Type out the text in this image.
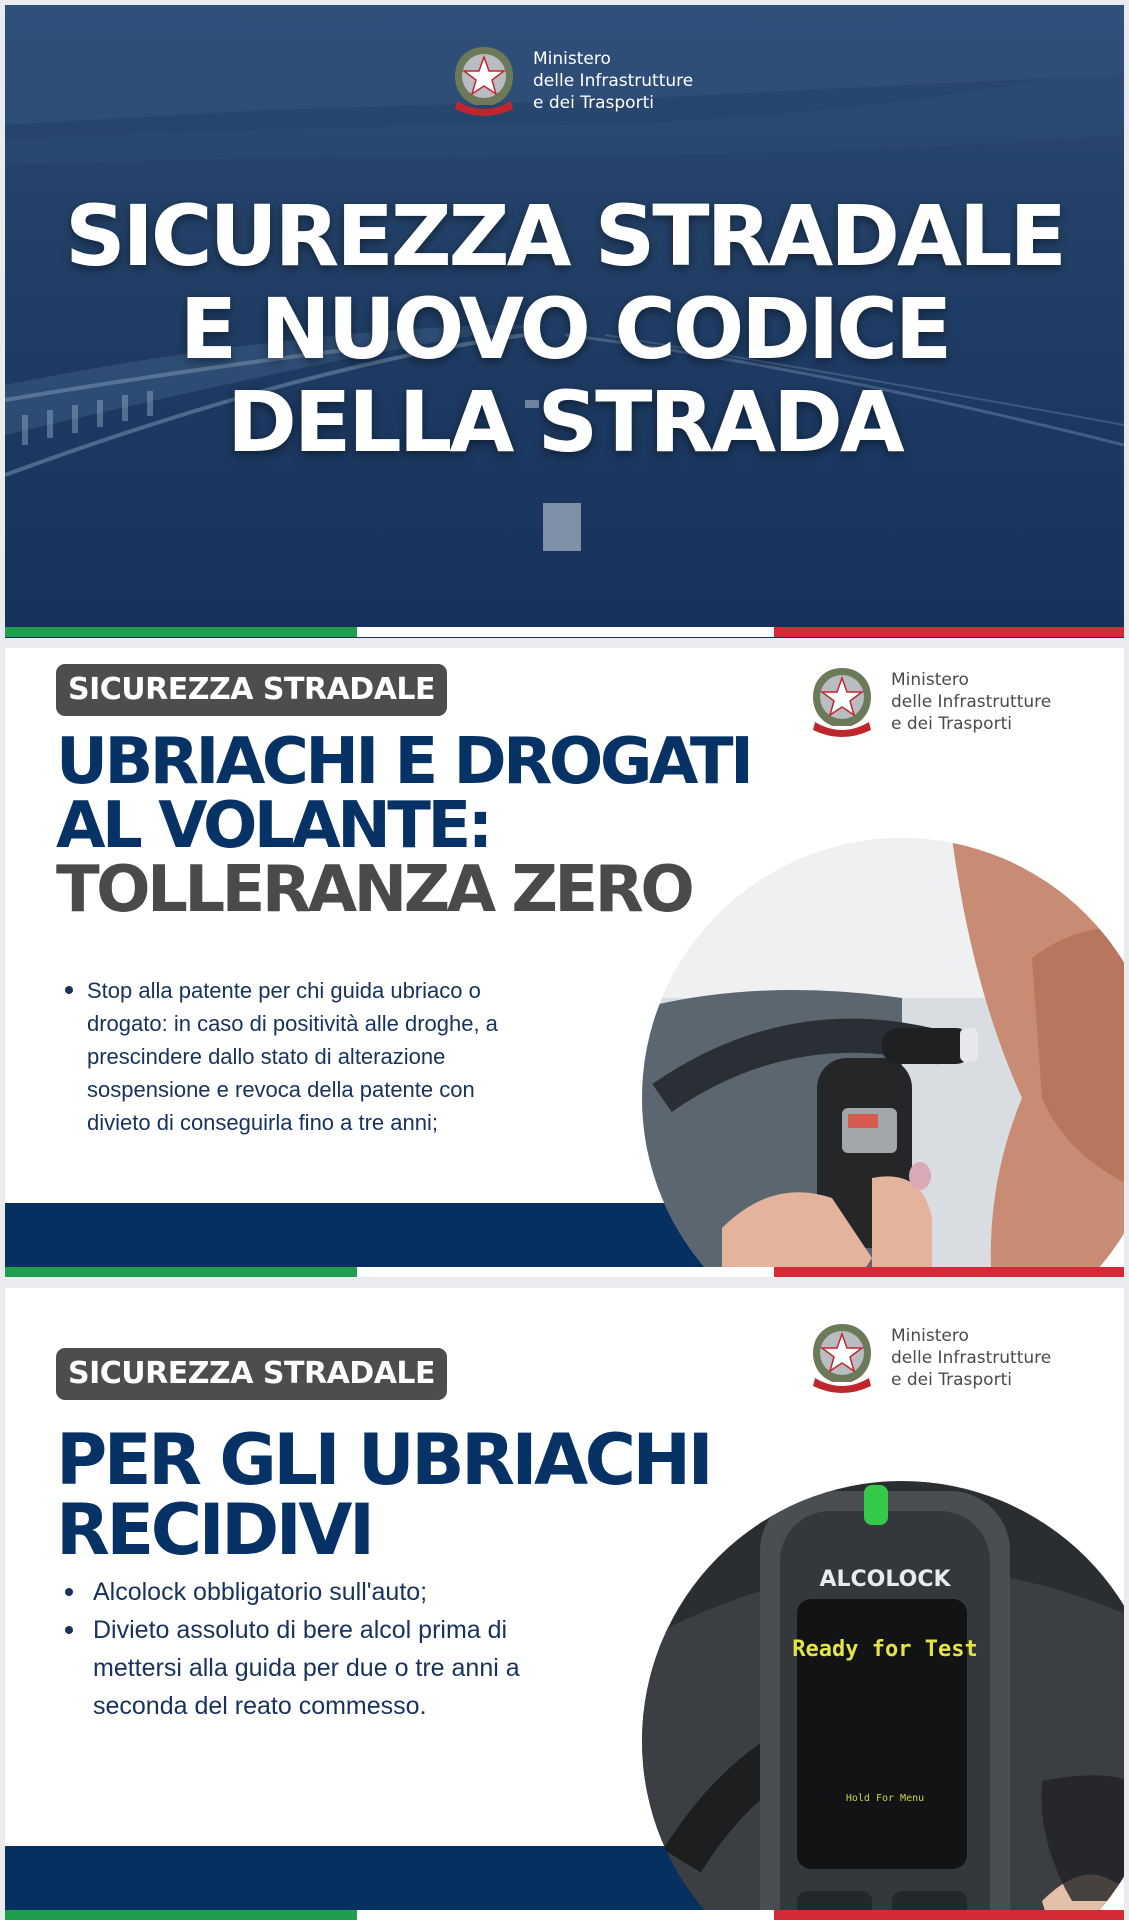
Ministero
delle Infrastrutture
e dei Trasporti
SICUREZZA STRADALE
E NUOVO CODICE
DELLA STRADA
SICUREZZA STRADALE	Ministero
delle Infrastrutture
e dei Trasporti
UBRIACHI E DROGATI
AL VOLANTE:
TOLLERANZA ZERO
Stop alla patente per chi guida ubriaco o
drogato: in caso di positività alle droghe, a
prescindere dallo stato di alterazione
sospensione e revoca della patente con
divieto di conseguirla fino a tre anni;
SICUREZZA STRADALE
Ministero
delle Infrastrutture
e dei Trasporti
PER GLI UBRIACHI
RECIDIVI
Alcolock obbligatorio sull'auto;
Divieto assoluto di bere alcol prima di
mettersi alla guida per due o tre anni a
seconda del reato commesso.
ALCOLOCK
Ready for Test
Hold For Menu
